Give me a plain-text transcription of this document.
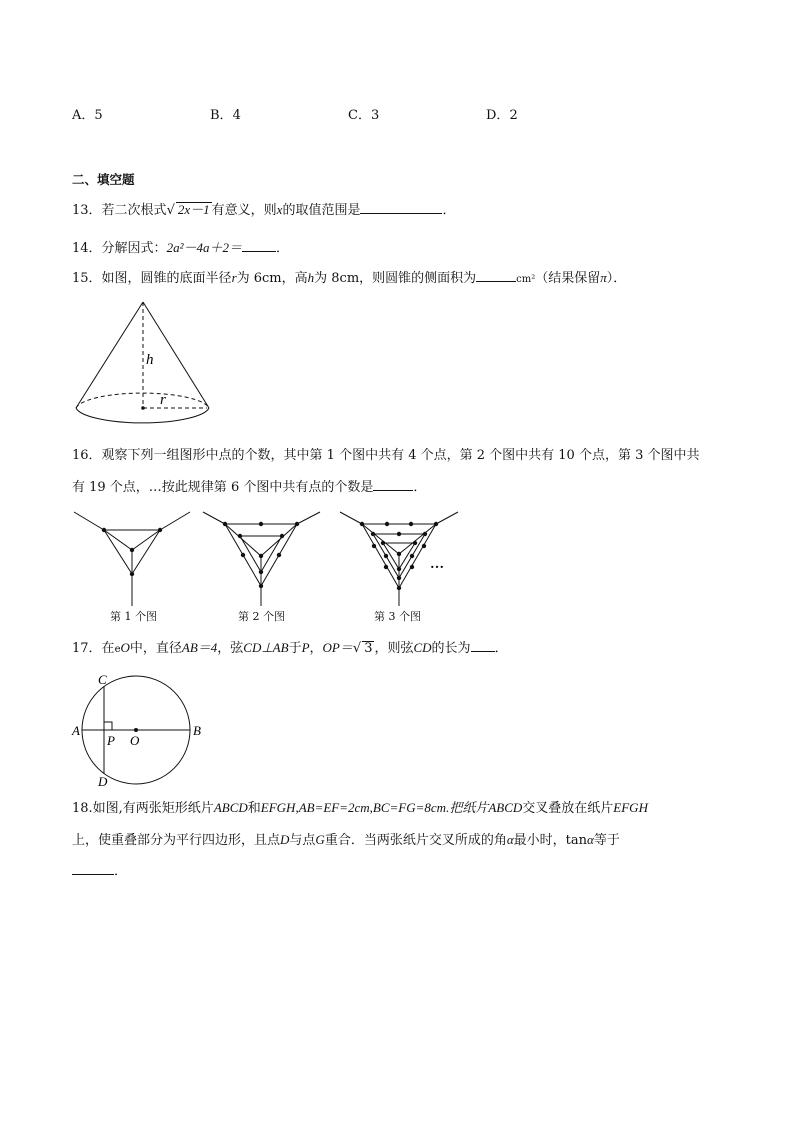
A．5	B．4	C．3	D．2
二、填空题
13．若二次根式√ 2x－1 有意义，则x的取值范围是	．
14．分解因式：2a²－4a＋2＝	．
15．如图，圆锥的底面半径r为 6cm，高h为 8cm，则圆锥的侧面积为	cm²（结果保留π）．
h
r
16．观察下列一组图形中点的个数，其中第 1 个图中共有 4 个点，第 2 个图中共有 10 个点，第 3 个图中共
有 19 个点，…按此规律第 6 个图中共有点的个数是	．
…
第 1 个图	第 2 个图	第 3 个图
17．在eO中，直径AB＝4，弦CD⊥AB于P，OP＝√ 3 ，则弦CD的长为 ．
A	B
C
D
P O
18.如图,有两张矩形纸片ABCD和EFGH,AB=EF=2cm,BC=FG=8cm.把纸片ABCD交叉叠放在纸片EFGH
上，使重叠部分为平行四边形，且点D与点G重合．当两张纸片交叉所成的角α最小时，tanα等于
．
